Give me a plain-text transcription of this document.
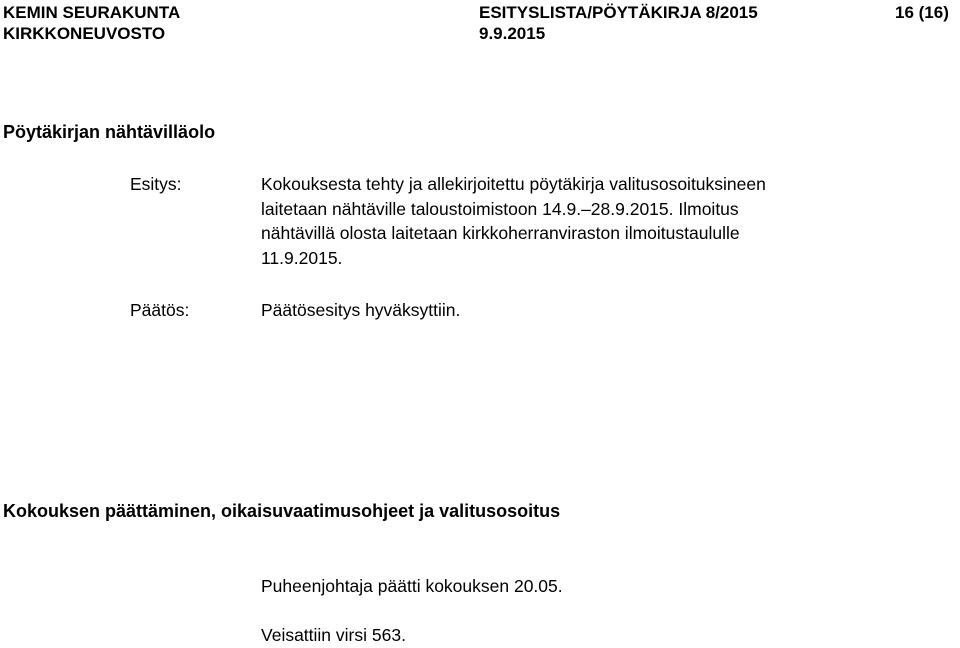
KEMIN SEURAKUNTA
KIRKKONEUVOSTO
ESITYSLISTA/PÖYTÄKIRJA 8/2015
9.9.2015
16 (16)
Pöytäkirjan nähtävilläolo
Esitys:	Kokouksesta tehty ja allekirjoitettu pöytäkirja valitusosoituksineen
laitetaan nähtäville taloustoimistoon 14.9.–28.9.2015. Ilmoitus
nähtävillä olosta laitetaan kirkkoherranviraston ilmoitustaululle
11.9.2015.
Päätös:	Päätösesitys hyväksyttiin.
Kokouksen päättäminen, oikaisuvaatimusohjeet ja valitusosoitus
Puheenjohtaja päätti kokouksen 20.05.
Veisattiin virsi 563.
